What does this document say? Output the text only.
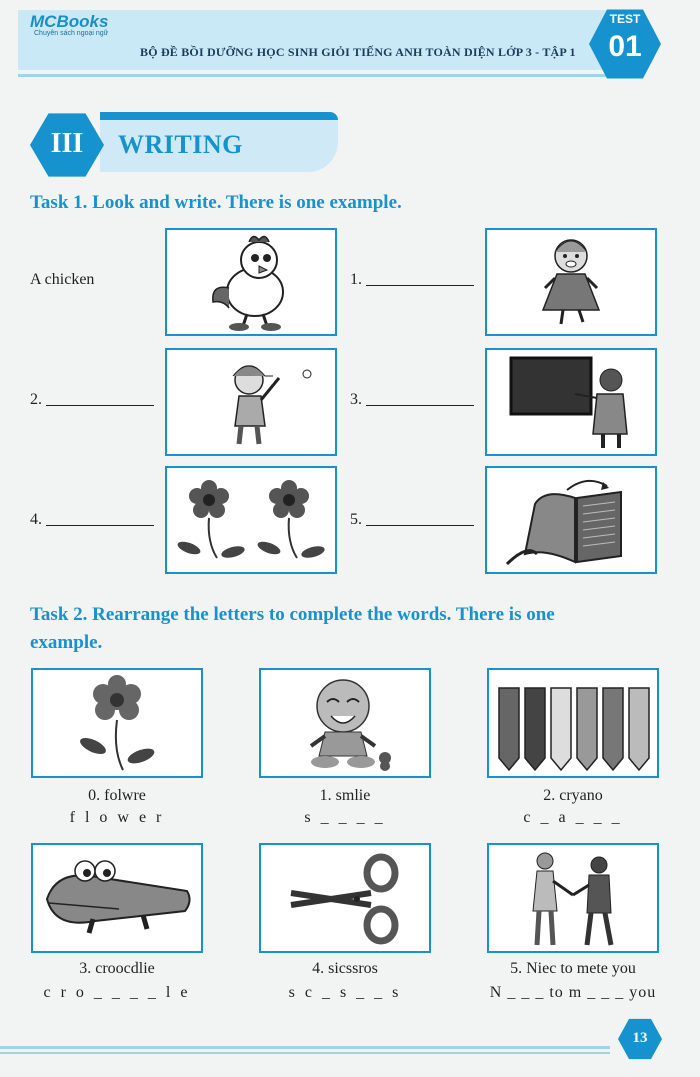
MCBooks
Chuyên sách ngoại ngữ
BỘ ĐỀ BỒI DƯỠNG HỌC SINH GIỎI TIẾNG ANH TOÀN DIỆN LỚP 3 - TẬP 1
TEST
01
III	WRITING
Task 1. Look and write. There is one example.
A chicken	1.
2.	3.
4.	5.
Task 2. Rearrange the letters to complete the words. There is one
example.
0. folwre
f l o w e r
1. smlie
s _ _ _ _
2. cryano
c _ a _ _ _
3. croocdlie
c r o _ _ _ _ l e
4. sicssros
s c _ s _ _ s
5. Niec to mete you
N _ _ _ to m _ _ _ you
13
